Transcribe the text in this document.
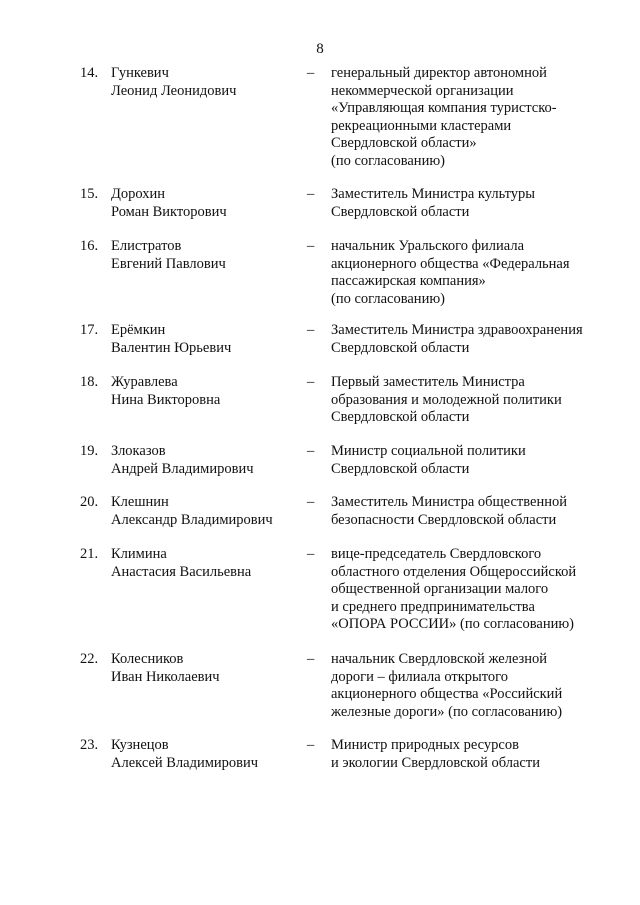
8
14. Гункевич
Леонид Леонидович
–	генеральный директор автономной
некоммерческой организации
«Управляющая компания туристско-
рекреационными кластерами
Свердловской области»
(по согласованию)
15. Дорохин
Роман Викторович
–	Заместитель Министра культуры
Свердловской области
16. Елистратов
Евгений Павлович
–	начальник Уральского филиала
акционерного общества «Федеральная
пассажирская компания»
(по согласованию)
17. Ерёмкин
Валентин Юрьевич
–	Заместитель Министра здравоохранения
Свердловской области
18. Журавлева
Нина Викторовна
–	Первый заместитель Министра
образования и молодежной политики
Свердловской области
19. Злоказов
Андрей Владимирович
–	Министр социальной политики
Свердловской области
20. Клешнин
Александр Владимирович
–	Заместитель Министра общественной
безопасности Свердловской области
21. Климина
Анастасия Васильевна
–	вице-председатель Свердловского
областного отделения Общероссийской
общественной организации малого
и среднего предпринимательства
«ОПОРА РОССИИ» (по согласованию)
22. Колесников
Иван Николаевич
–	начальник Свердловской железной
дороги – филиала открытого
акционерного общества «Российский
железные дороги» (по согласованию)
23. Кузнецов
Алексей Владимирович
–	Министр природных ресурсов
и экологии Свердловской области
